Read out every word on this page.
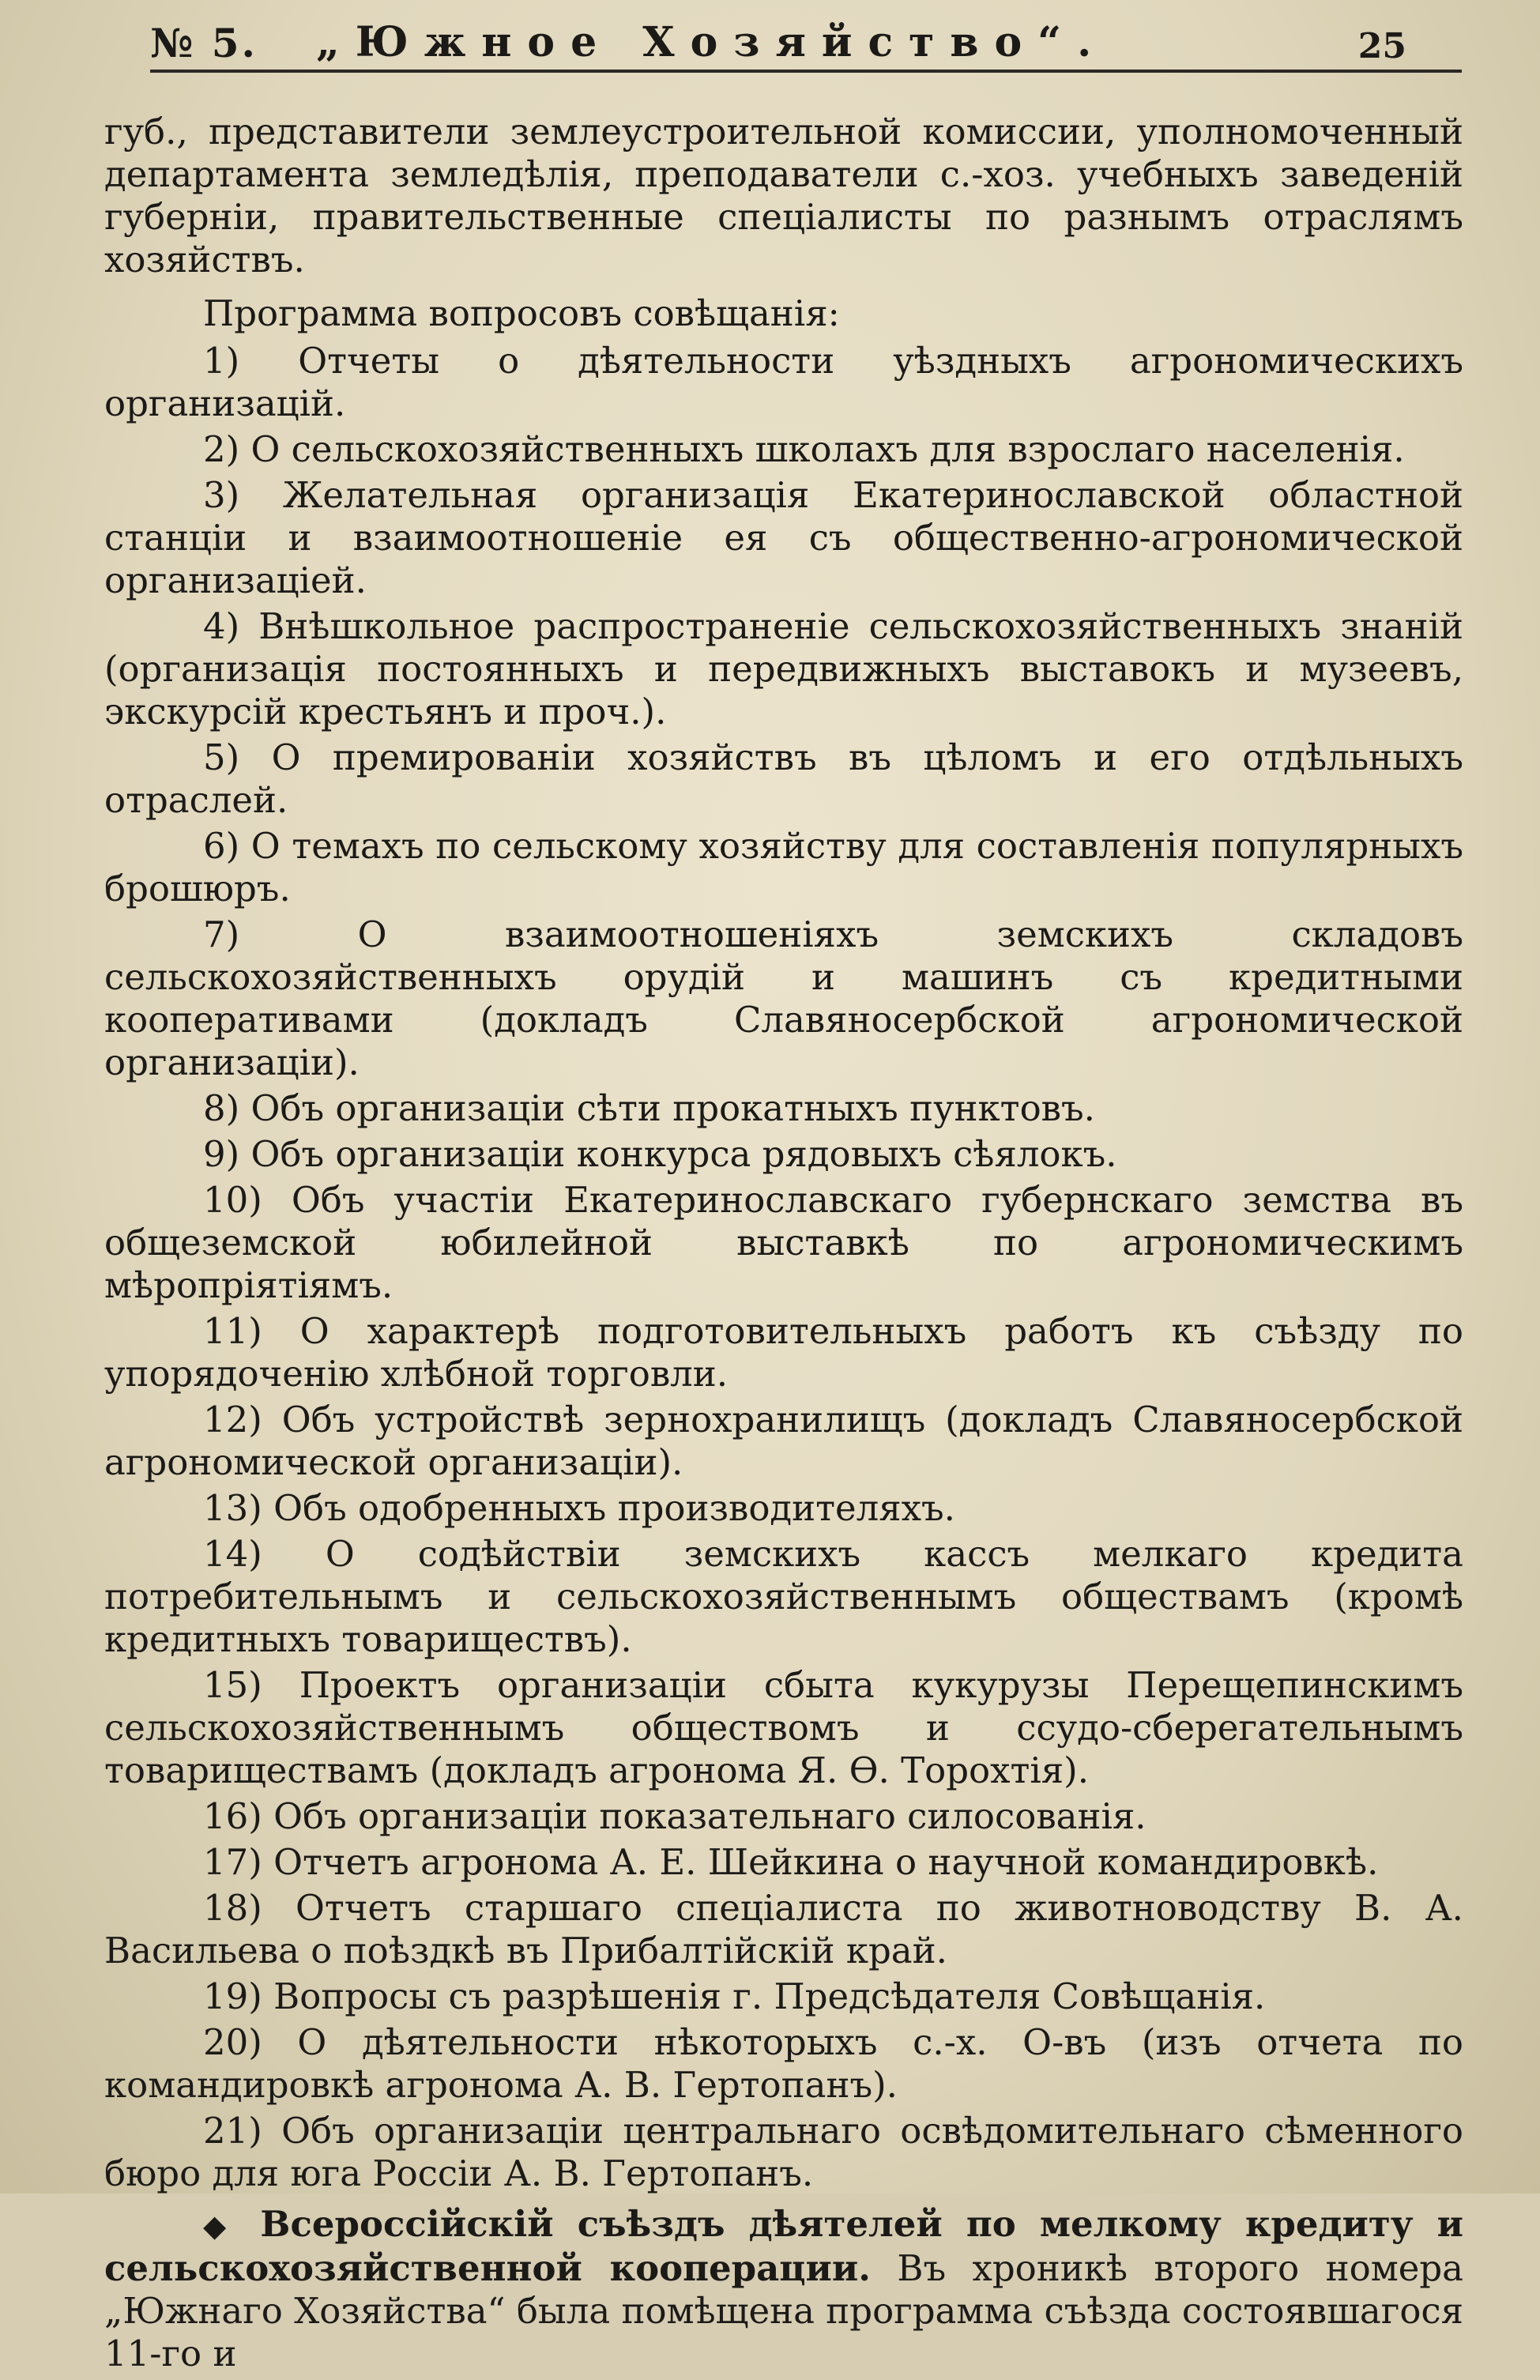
№ 5.	„Южное Хозяйство“.	25

губ., представители землеустроительной комиссии, уполномоченный департамента земледѣлія, преподаватели с.-хоз. учебныхъ заведеній губерніи, правительственные спеціалисты по разнымъ отраслямъ хозяйствъ.

Программа вопросовъ совѣщанія:

1) Отчеты о дѣятельности уѣздныхъ агрономическихъ организацій.
2) О сельскохозяйственныхъ школахъ для взрослаго населенія.
3) Желательная организація Екатеринославской областной станціи и взаимоотношеніе ея съ общественно-агрономической организаціей.
4) Внѣшкольное распространеніе сельскохозяйственныхъ знаній (организація постоянныхъ и передвижныхъ выставокъ и музеевъ, экскурсій крестьянъ и проч.).
5) О премированіи хозяйствъ въ цѣломъ и его отдѣльныхъ отраслей.
6) О темахъ по сельскому хозяйству для составленія популярныхъ брошюръ.
7) О взаимоотношеніяхъ земскихъ складовъ сельскохозяйственныхъ орудій и машинъ съ кредитными кооперативами (докладъ Славяносербской агрономической организаціи).
8) Объ организаціи сѣти прокатныхъ пунктовъ.
9) Объ организаціи конкурса рядовыхъ сѣялокъ.
10) Объ участіи Екатеринославскаго губернскаго земства въ общеземской юбилейной выставкѣ по агрономическимъ мѣропріятіямъ.
11) О характерѣ подготовительныхъ работъ къ съѣзду по упорядоченію хлѣбной торговли.
12) Объ устройствѣ зернохранилищъ (докладъ Славяносербской агрономической организаціи).
13) Объ одобренныхъ производителяхъ.
14) О содѣйствіи земскихъ кассъ мелкаго кредита потребительнымъ и сельскохозяйственнымъ обществамъ (кромѣ кредитныхъ товариществъ).
15) Проектъ организаціи сбыта кукурузы Перещепинскимъ сельскохозяйственнымъ обществомъ и ссудо-сберегательнымъ товариществамъ (докладъ агронома Я. Ѳ. Торохтія).
16) Объ организаціи показательнаго силосованія.
17) Отчетъ агронома А. Е. Шейкина о научной командировкѣ.
18) Отчетъ старшаго спеціалиста по животноводству В. А. Васильева о поѣздкѣ въ Прибалтійскій край.
19) Вопросы съ разрѣшенія г. Предсѣдателя Совѣщанія.
20) О дѣятельности нѣкоторыхъ с.-х. О-въ (изъ отчета по командировкѣ агронома А. В. Гертопанъ).
21) Объ организаціи центральнаго освѣдомительнаго сѣменного бюро для юга Россіи А. В. Гертопанъ.

◆ Всероссійскій съѣздъ дѣятелей по мелкому кредиту и сельскохозяйственной кооперации. Въ хроникѣ второго номера „Южнаго Хозяйства“ была помѣщена программа съѣзда состоявшагося 11-го и
